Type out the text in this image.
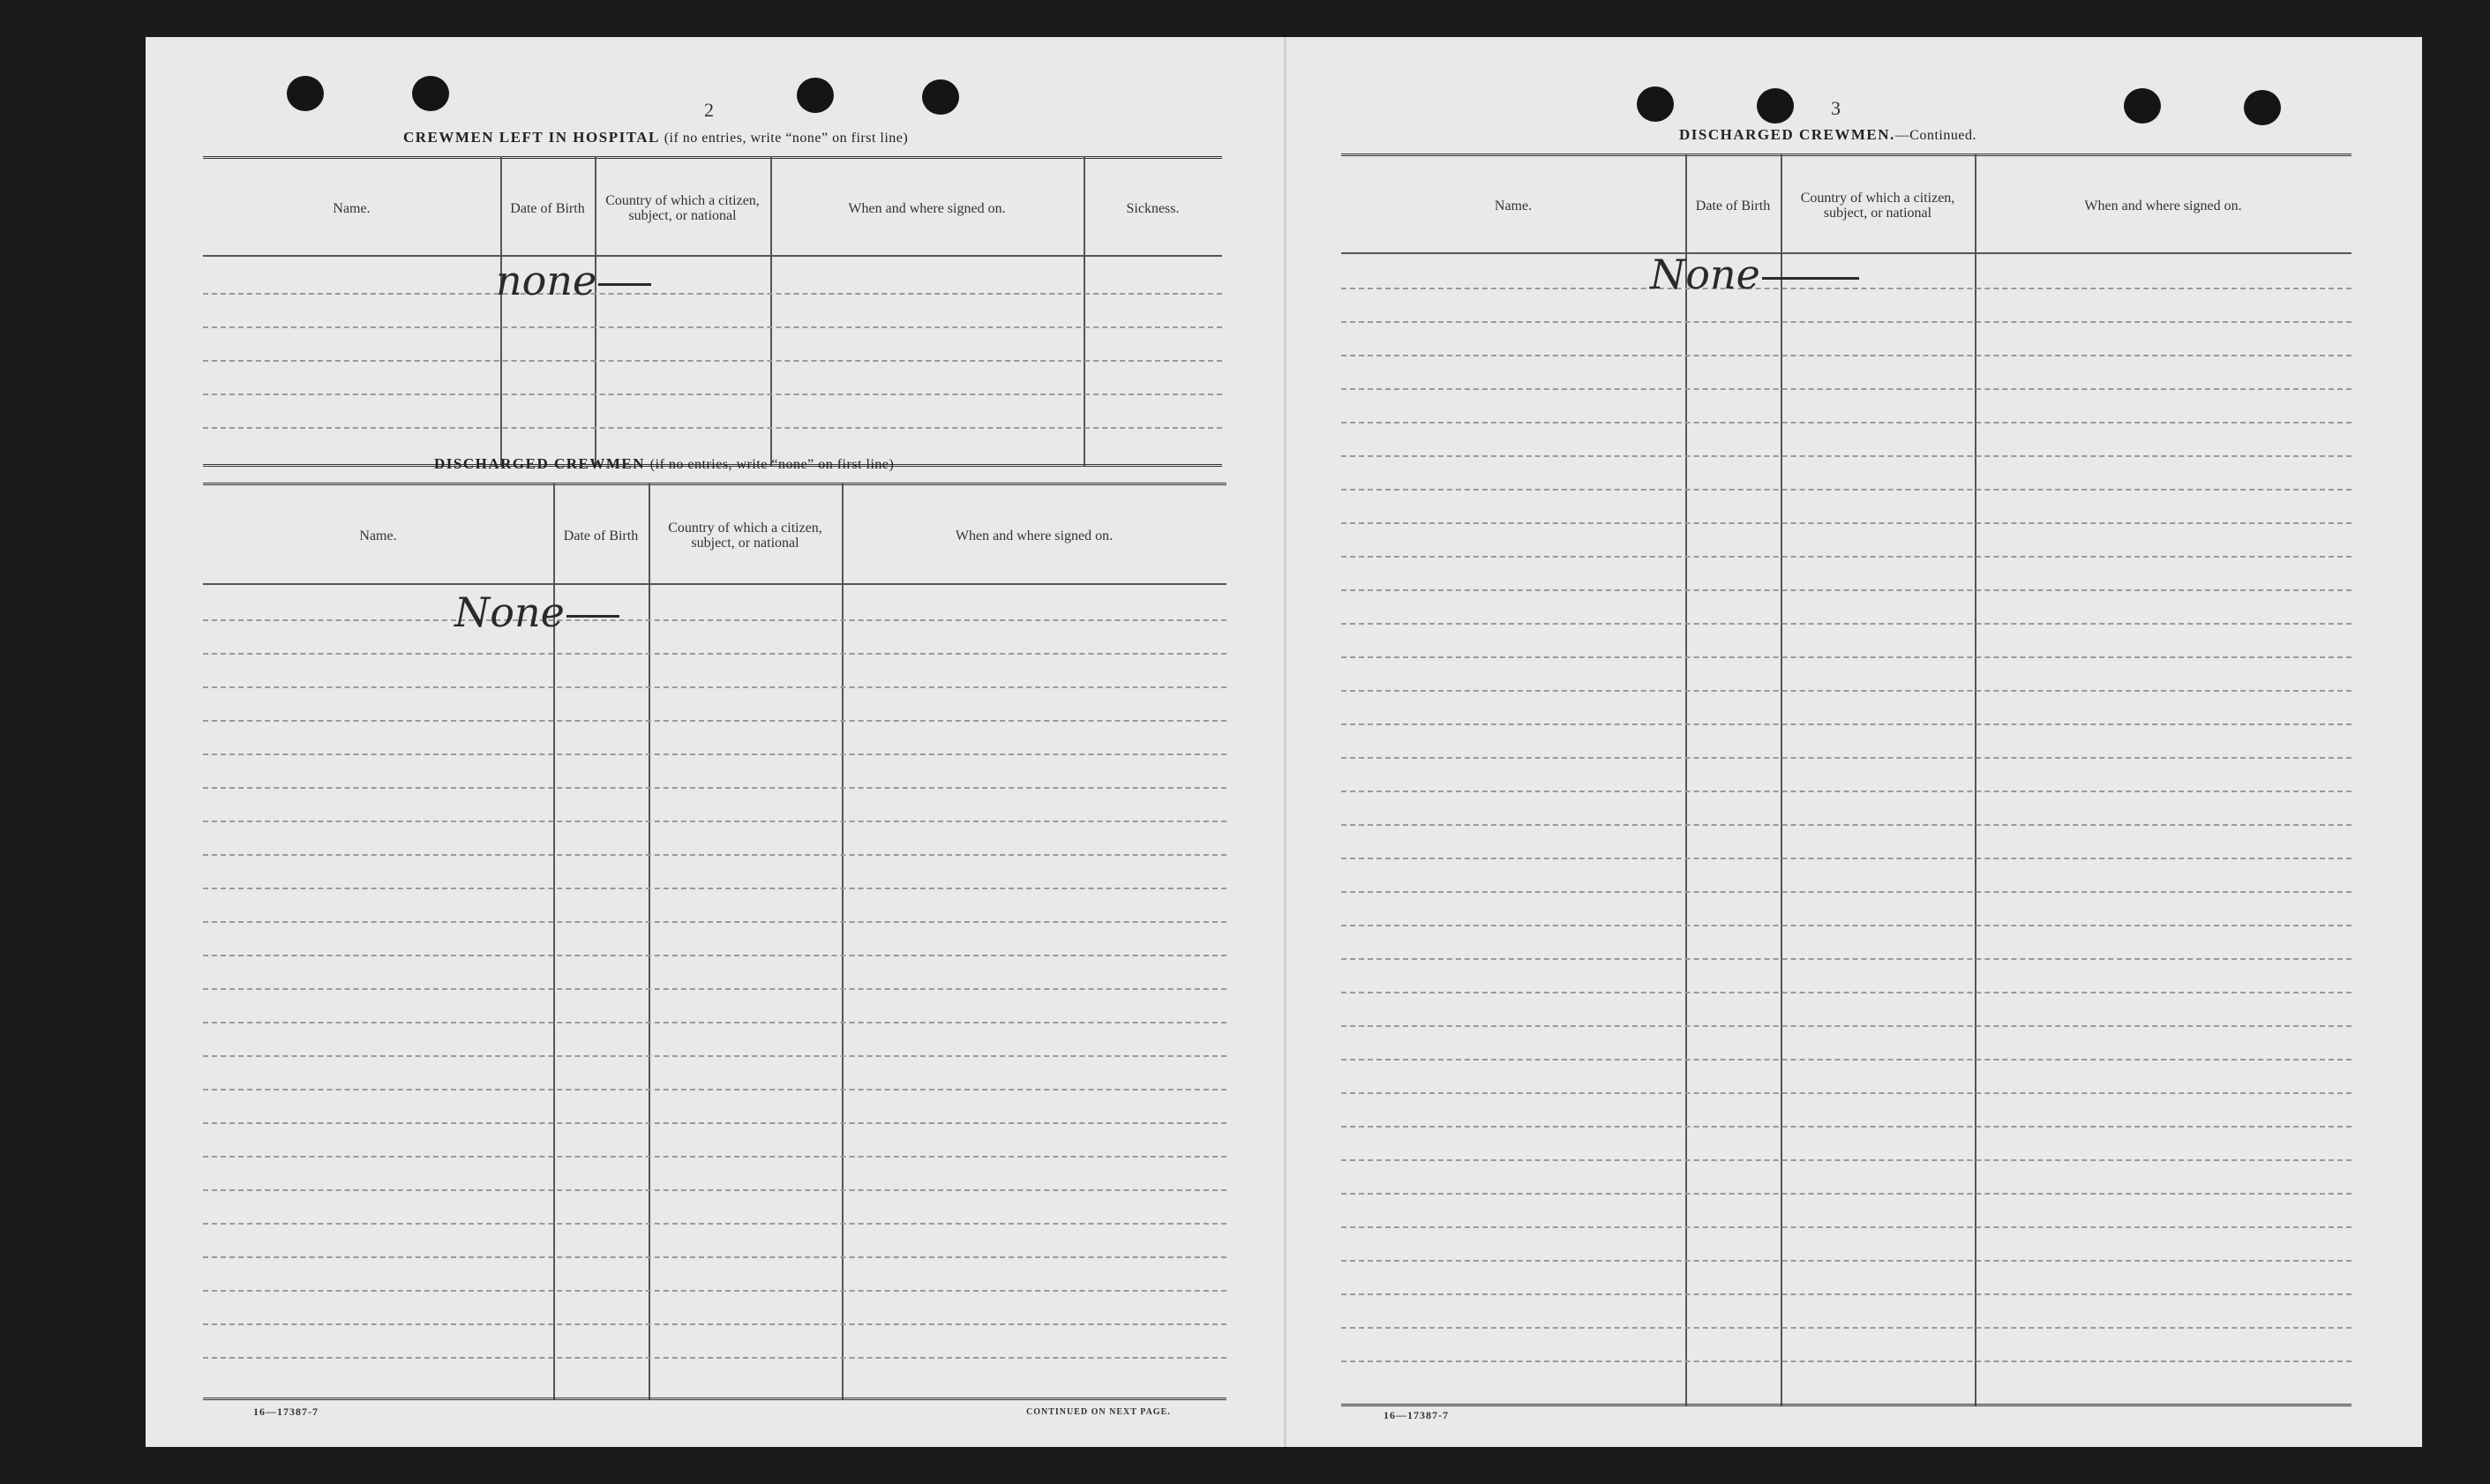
2
CREWMEN LEFT IN HOSPITAL (if no entries, write “none” on first line)
Name.	Date of Birth	Country of which a citizen, subject, or national	When and where signed on.	Sickness.
none
DISCHARGED CREWMEN (if no entries, write “none” on first line)
Name.	Date of Birth	Country of which a citizen, subject, or national	When and where signed on.
None
16—17387-7	CONTINUED ON NEXT PAGE.
3
DISCHARGED CREWMEN.—Continued.
Name.	Date of Birth	Country of which a citizen, subject, or national	When and where signed on.
None
16—17387-7
